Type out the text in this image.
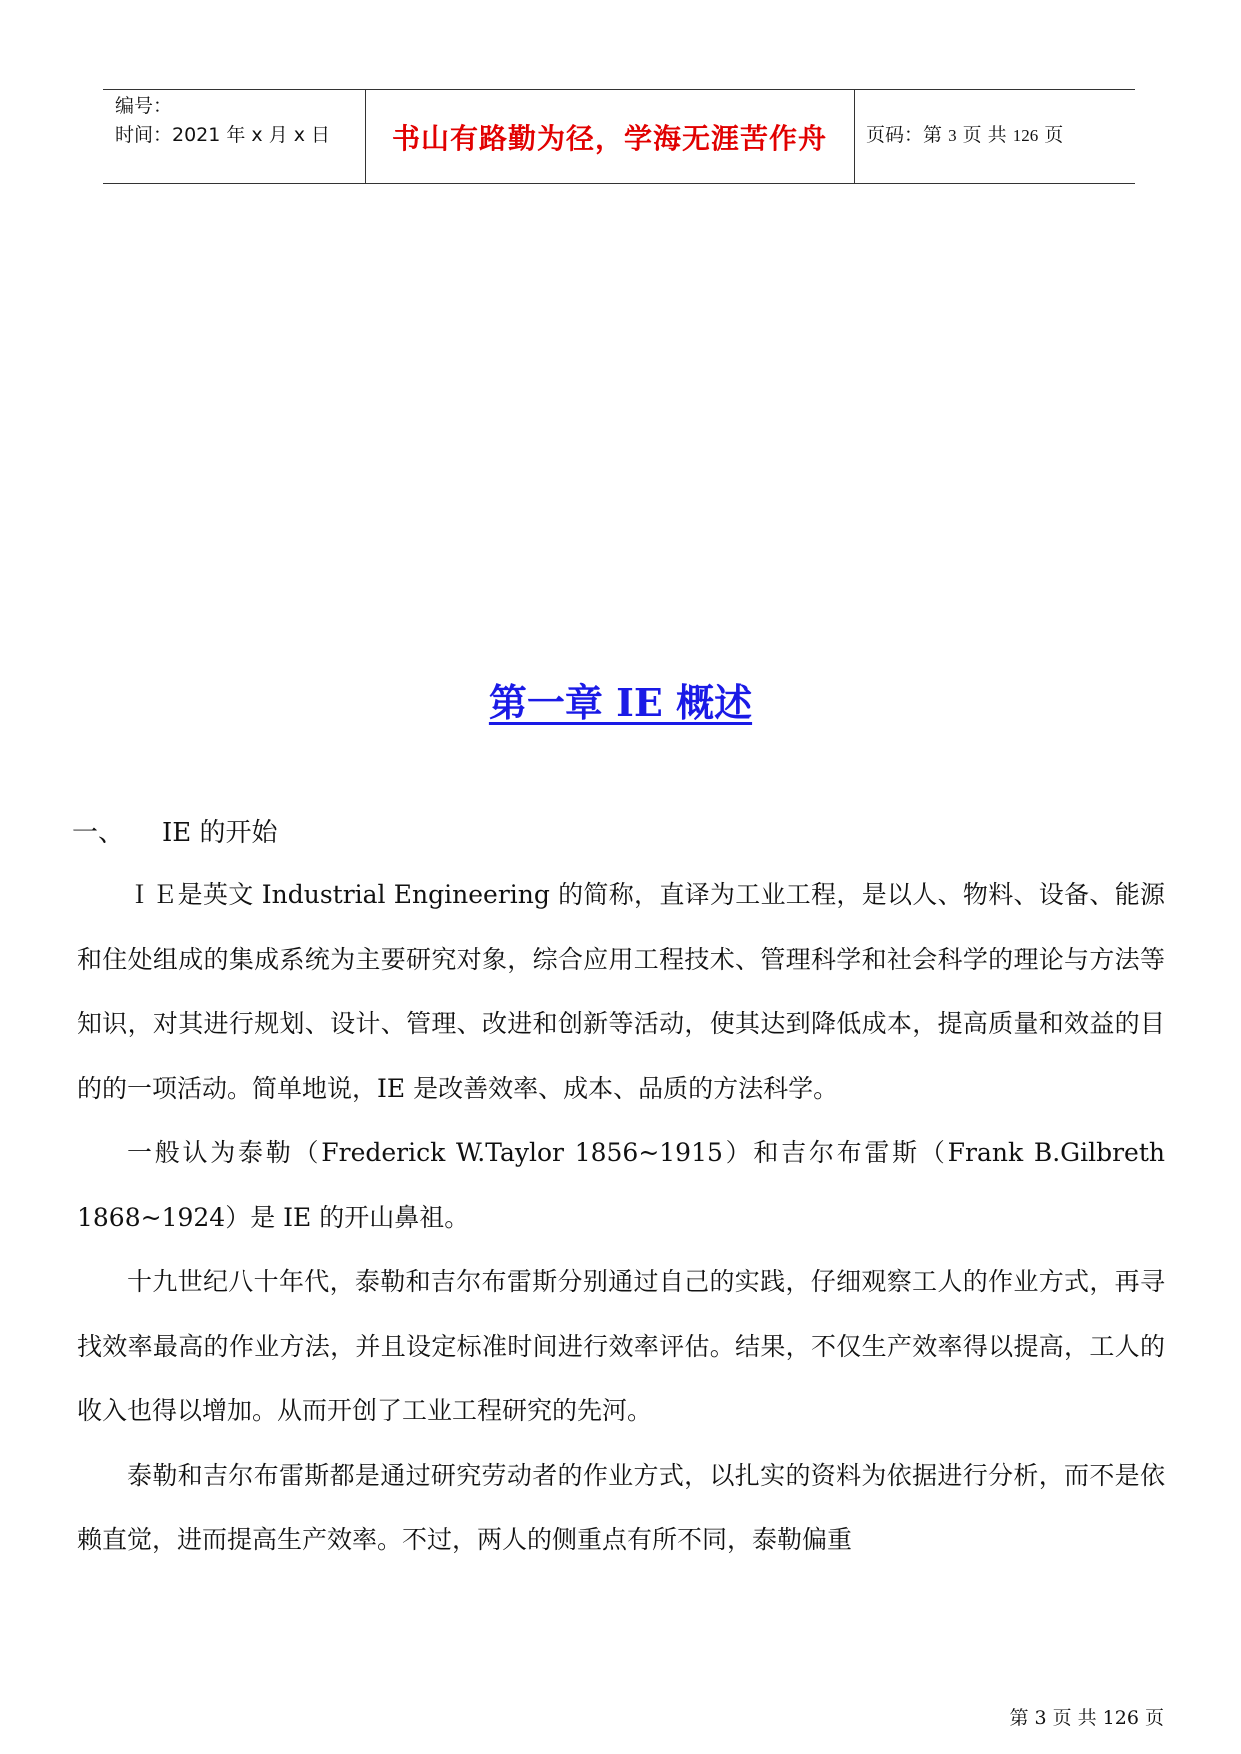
编号：
时间：2021 年 x 月 x 日	书山有路勤为径，学海无涯苦作舟	页码：第 3 页 共 126 页
第一章 IE 概述
一、 IE 的开始

ＩＥ是英文 Industrial Engineering 的简称，直译为工业工程，是以人、物料、设备、能源和住处组成的集成系统为主要研究对象，综合应用工程技术、管理科学和社会科学的理论与方法等知识，对其进行规划、设计、管理、改进和创新等活动，使其达到降低成本，提高质量和效益的目的的一项活动。简单地说，IE 是改善效率、成本、品质的方法科学。

一般认为泰勒（Frederick W.Taylor 1856~1915）和吉尔布雷斯（Frank B.Gilbreth 1868~1924）是 IE 的开山鼻祖。

十九世纪八十年代，泰勒和吉尔布雷斯分别通过自己的实践，仔细观察工人的作业方式，再寻找效率最高的作业方法，并且设定标准时间进行效率评估。结果，不仅生产效率得以提高，工人的收入也得以增加。从而开创了工业工程研究的先河。

泰勒和吉尔布雷斯都是通过研究劳动者的作业方式，以扎实的资料为依据进行分析，而不是依赖直觉，进而提高生产效率。不过，两人的侧重点有所不同，泰勒偏重

第 3 页 共 126 页
